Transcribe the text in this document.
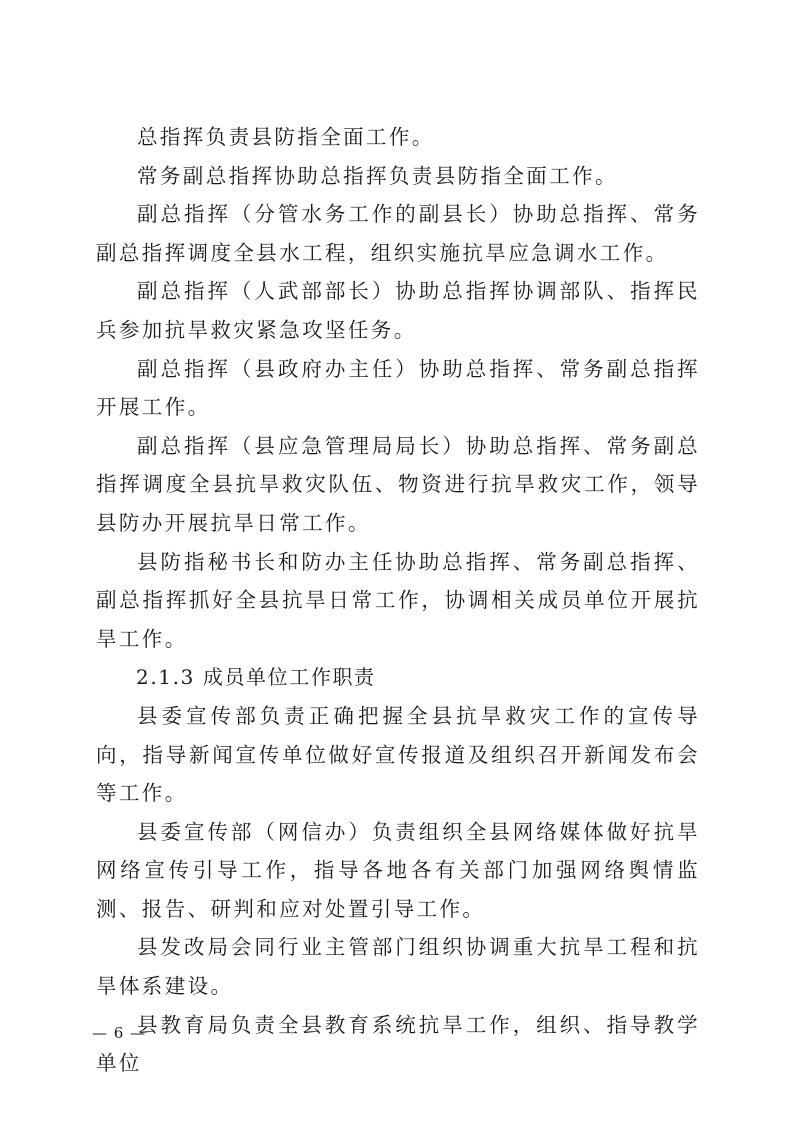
总指挥负责县防指全面工作。

常务副总指挥协助总指挥负责县防指全面工作。

副总指挥（分管水务工作的副县长）协助总指挥、常务副总指挥调度全县水工程，组织实施抗旱应急调水工作。

副总指挥（人武部部长）协助总指挥协调部队、指挥民兵参加抗旱救灾紧急攻坚任务。

副总指挥（县政府办主任）协助总指挥、常务副总指挥开展工作。

副总指挥（县应急管理局局长）协助总指挥、常务副总指挥调度全县抗旱救灾队伍、物资进行抗旱救灾工作，领导县防办开展抗旱日常工作。

县防指秘书长和防办主任协助总指挥、常务副总指挥、副总指挥抓好全县抗旱日常工作，协调相关成员单位开展抗旱工作。

2.1.3 成员单位工作职责

县委宣传部负责正确把握全县抗旱救灾工作的宣传导向，指导新闻宣传单位做好宣传报道及组织召开新闻发布会等工作。

县委宣传部（网信办）负责组织全县网络媒体做好抗旱网络宣传引导工作，指导各地各有关部门加强网络舆情监测、报告、研判和应对处置引导工作。

县发改局会同行业主管部门组织协调重大抗旱工程和抗旱体系建设。

县教育局负责全县教育系统抗旱工作，组织、指导教学单位

— 6 —
